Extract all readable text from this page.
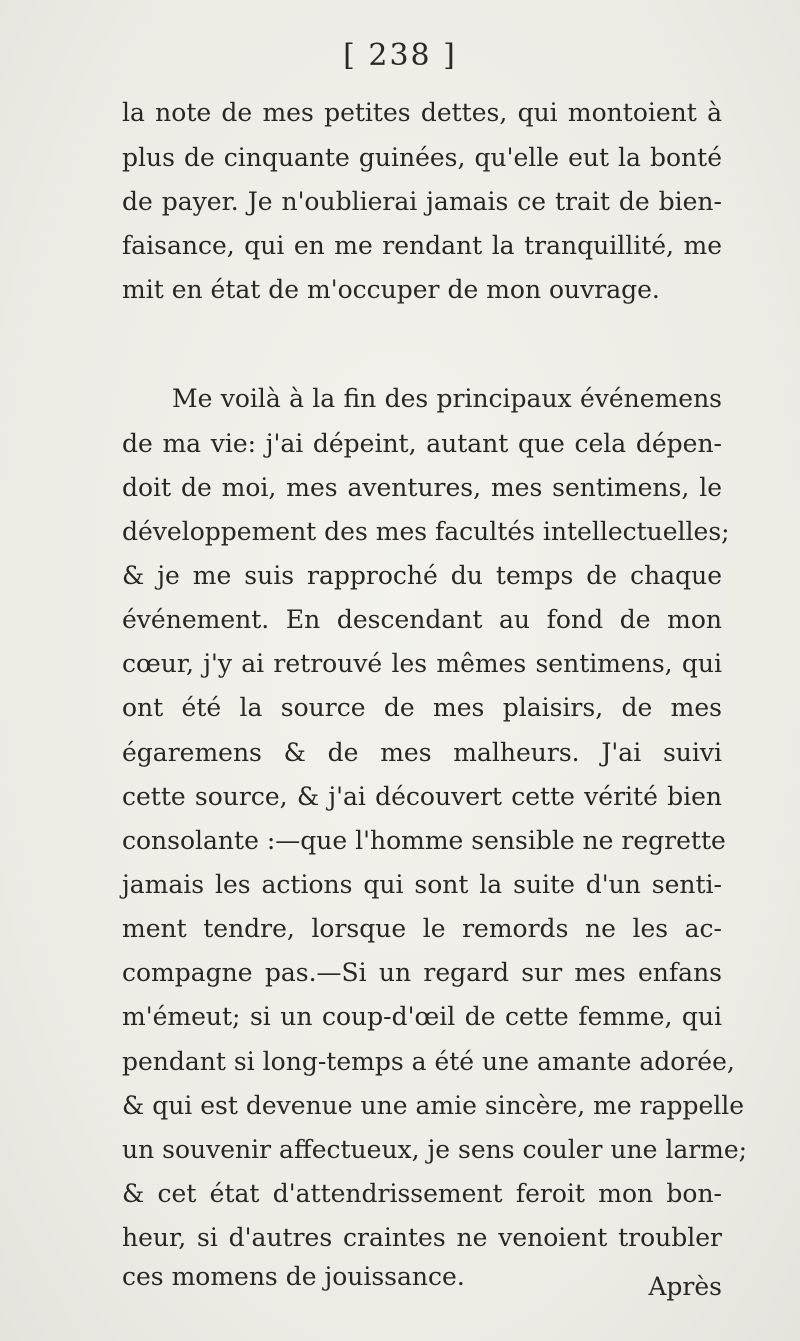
[ 238 ]
la note de mes petites dettes, qui montoient à
plus de cinquante guinées, qu'elle eut la bonté
de payer. Je n'oublierai jamais ce trait de bien-
faisance, qui en me rendant la tranquillité, me
mit en état de m'occuper de mon ouvrage.
Me voilà à la fin des principaux événemens
de ma vie: j'ai dépeint, autant que cela dépen-
doit de moi, mes aventures, mes sentimens, le
développement des mes facultés intellectuelles;
& je me suis rapproché du temps de chaque
événement. En descendant au fond de mon
cœur, j'y ai retrouvé les mêmes sentimens, qui
ont été la source de mes plaisirs, de mes
égaremens & de mes malheurs. J'ai suivi
cette source, & j'ai découvert cette vérité bien
consolante :—que l'homme sensible ne regrette
jamais les actions qui sont la suite d'un senti-
ment tendre, lorsque le remords ne les ac-
compagne pas.—Si un regard sur mes enfans
m'émeut; si un coup-d'œil de cette femme, qui
pendant si long-temps a été une amante adorée,
& qui est devenue une amie sincère, me rappelle
un souvenir affectueux, je sens couler une larme;
& cet état d'attendrissement feroit mon bon-
heur, si d'autres craintes ne venoient troubler
ces momens de jouissance.	Après
